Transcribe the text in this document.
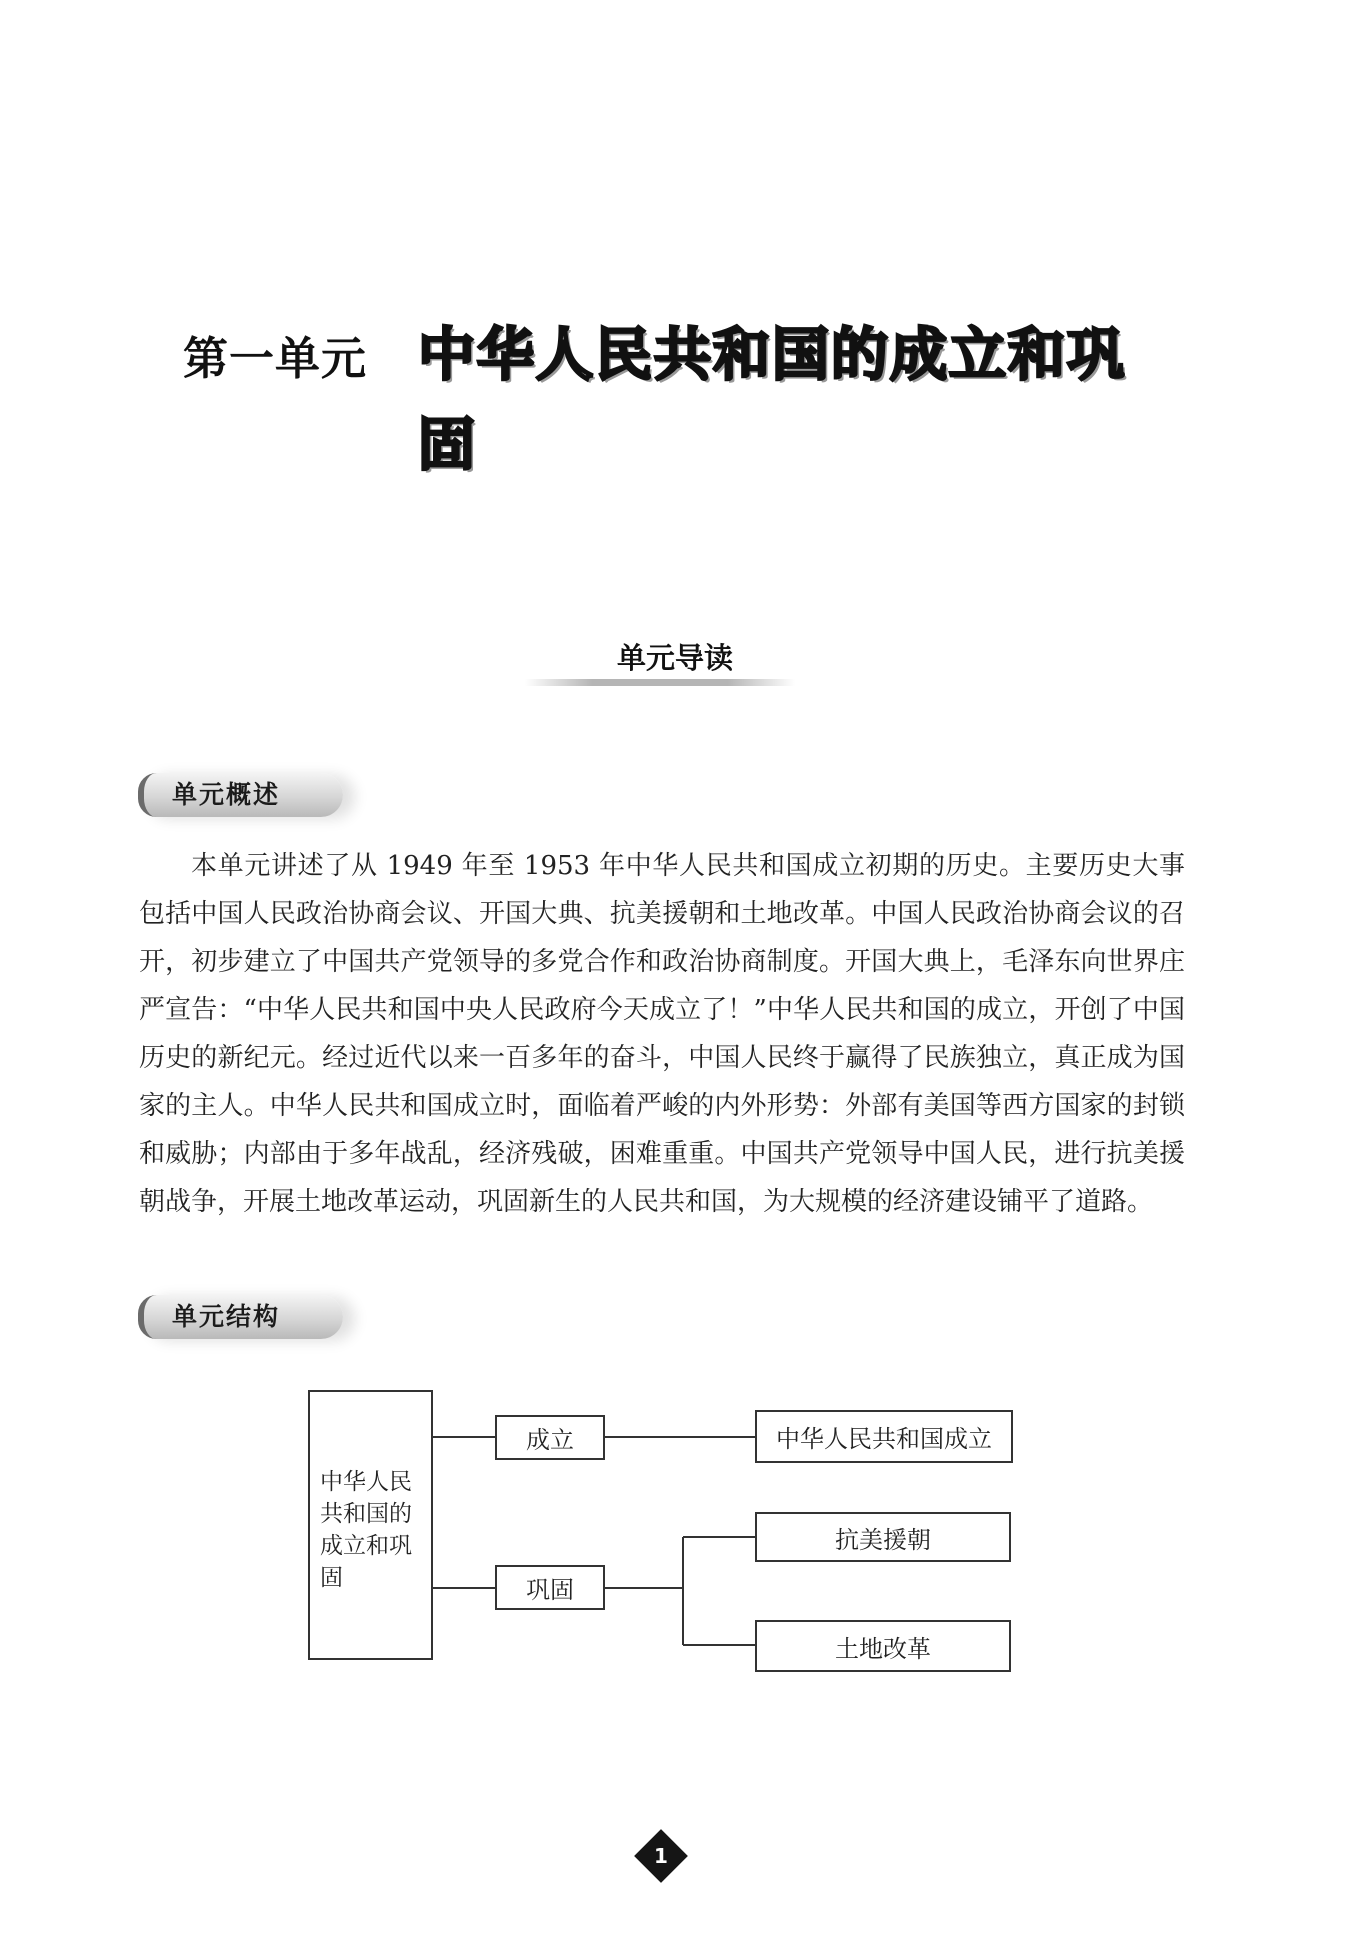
第一单元 中华人民共和国的成立和巩固
单元导读
单元概述
本单元讲述了从 1949 年至 1953 年中华人民共和国成立初期的历史。主要历史大事包括中国人民政治协商会议、开国大典、抗美援朝和土地改革。中国人民政治协商会议的召开，初步建立了中国共产党领导的多党合作和政治协商制度。开国大典上，毛泽东向世界庄严宣告：“中华人民共和国中央人民政府今天成立了！”中华人民共和国的成立，开创了中国历史的新纪元。经过近代以来一百多年的奋斗，中国人民终于赢得了民族独立，真正成为国家的主人。中华人民共和国成立时，面临着严峻的内外形势：外部有美国等西方国家的封锁和威胁；内部由于多年战乱，经济残破，困难重重。中国共产党领导中国人民，进行抗美援朝战争，开展土地改革运动，巩固新生的人民共和国，为大规模的经济建设铺平了道路。
单元结构
中华人民共和国的成立和巩固
成立
巩固
中华人民共和国成立
抗美援朝
土地改革
1
